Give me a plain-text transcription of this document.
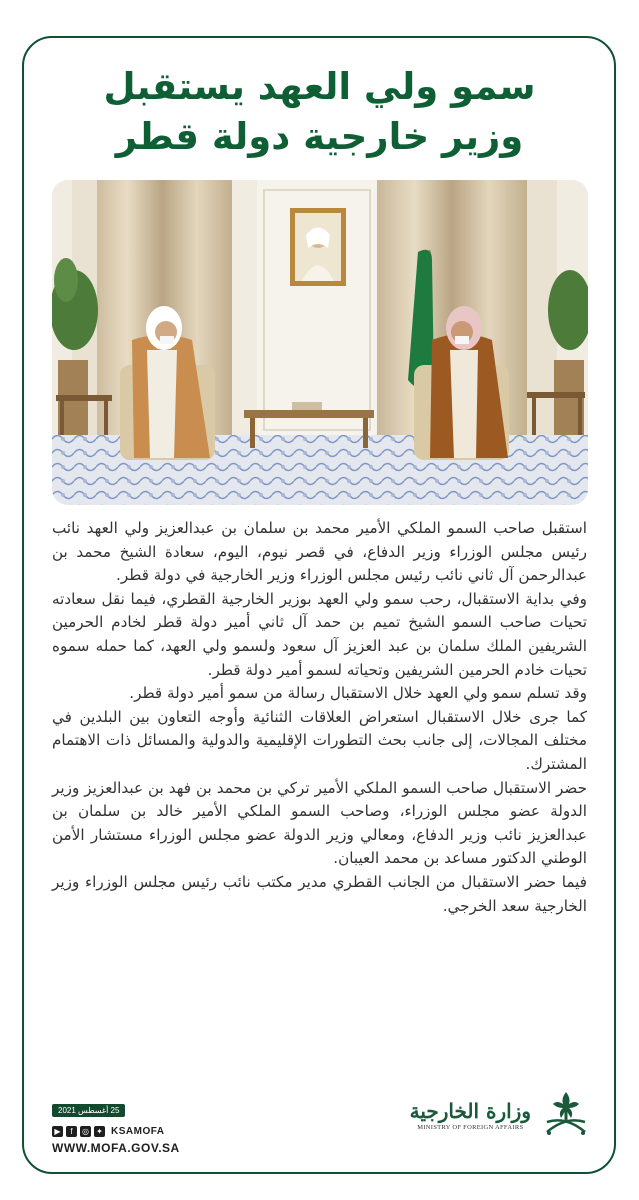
سمو ولي العهد يستقبل
وزير خارجية دولة قطر

استقبل صاحب السمو الملكي الأمير محمد بن سلمان بن عبدالعزيز ولي العهد نائب رئيس مجلس الوزراء وزير الدفاع، في قصر نيوم، اليوم، سعادة الشيخ محمد بن عبدالرحمن آل ثاني نائب رئيس مجلس الوزراء وزير الخارجية في دولة قطر.

وفي بداية الاستقبال، رحب سمو ولي العهد بوزير الخارجية القطري، فيما نقل سعادته تحيات صاحب السمو الشيخ تميم بن حمد آل ثاني أمير دولة قطر لخادم الحرمين الشريفين الملك سلمان بن عبد العزيز آل سعود ولسمو ولي العهد، كما حمله سموه تحيات خادم الحرمين الشريفين وتحياته لسمو أمير دولة قطر.

وقد تسلم سمو ولي العهد خلال الاستقبال رسالة من سمو أمير دولة قطر.

كما جرى خلال الاستقبال استعراض العلاقات الثنائية وأوجه التعاون بين البلدين في مختلف المجالات، إلى جانب بحث التطورات الإقليمية والدولية والمسائل ذات الاهتمام المشترك.

حضر الاستقبال صاحب السمو الملكي الأمير تركي بن محمد بن فهد بن عبدالعزيز وزير الدولة عضو مجلس الوزراء، وصاحب السمو الملكي الأمير خالد بن سلمان بن عبدالعزيز نائب وزير الدفاع، ومعالي وزير الدولة عضو مجلس الوزراء مستشار الأمن الوطني الدكتور مساعد بن محمد العيبان.

فيما حضر الاستقبال من الجانب القطري مدير مكتب نائب رئيس مجلس الوزراء وزير الخارجية سعد الخرجي.

25 أغسطس 2021
▶	f	◎ ✦ KSAMOFA
WWW.MOFA.GOV.SA
وزارة الخارجية
MINISTRY OF FOREIGN AFFAIRS
